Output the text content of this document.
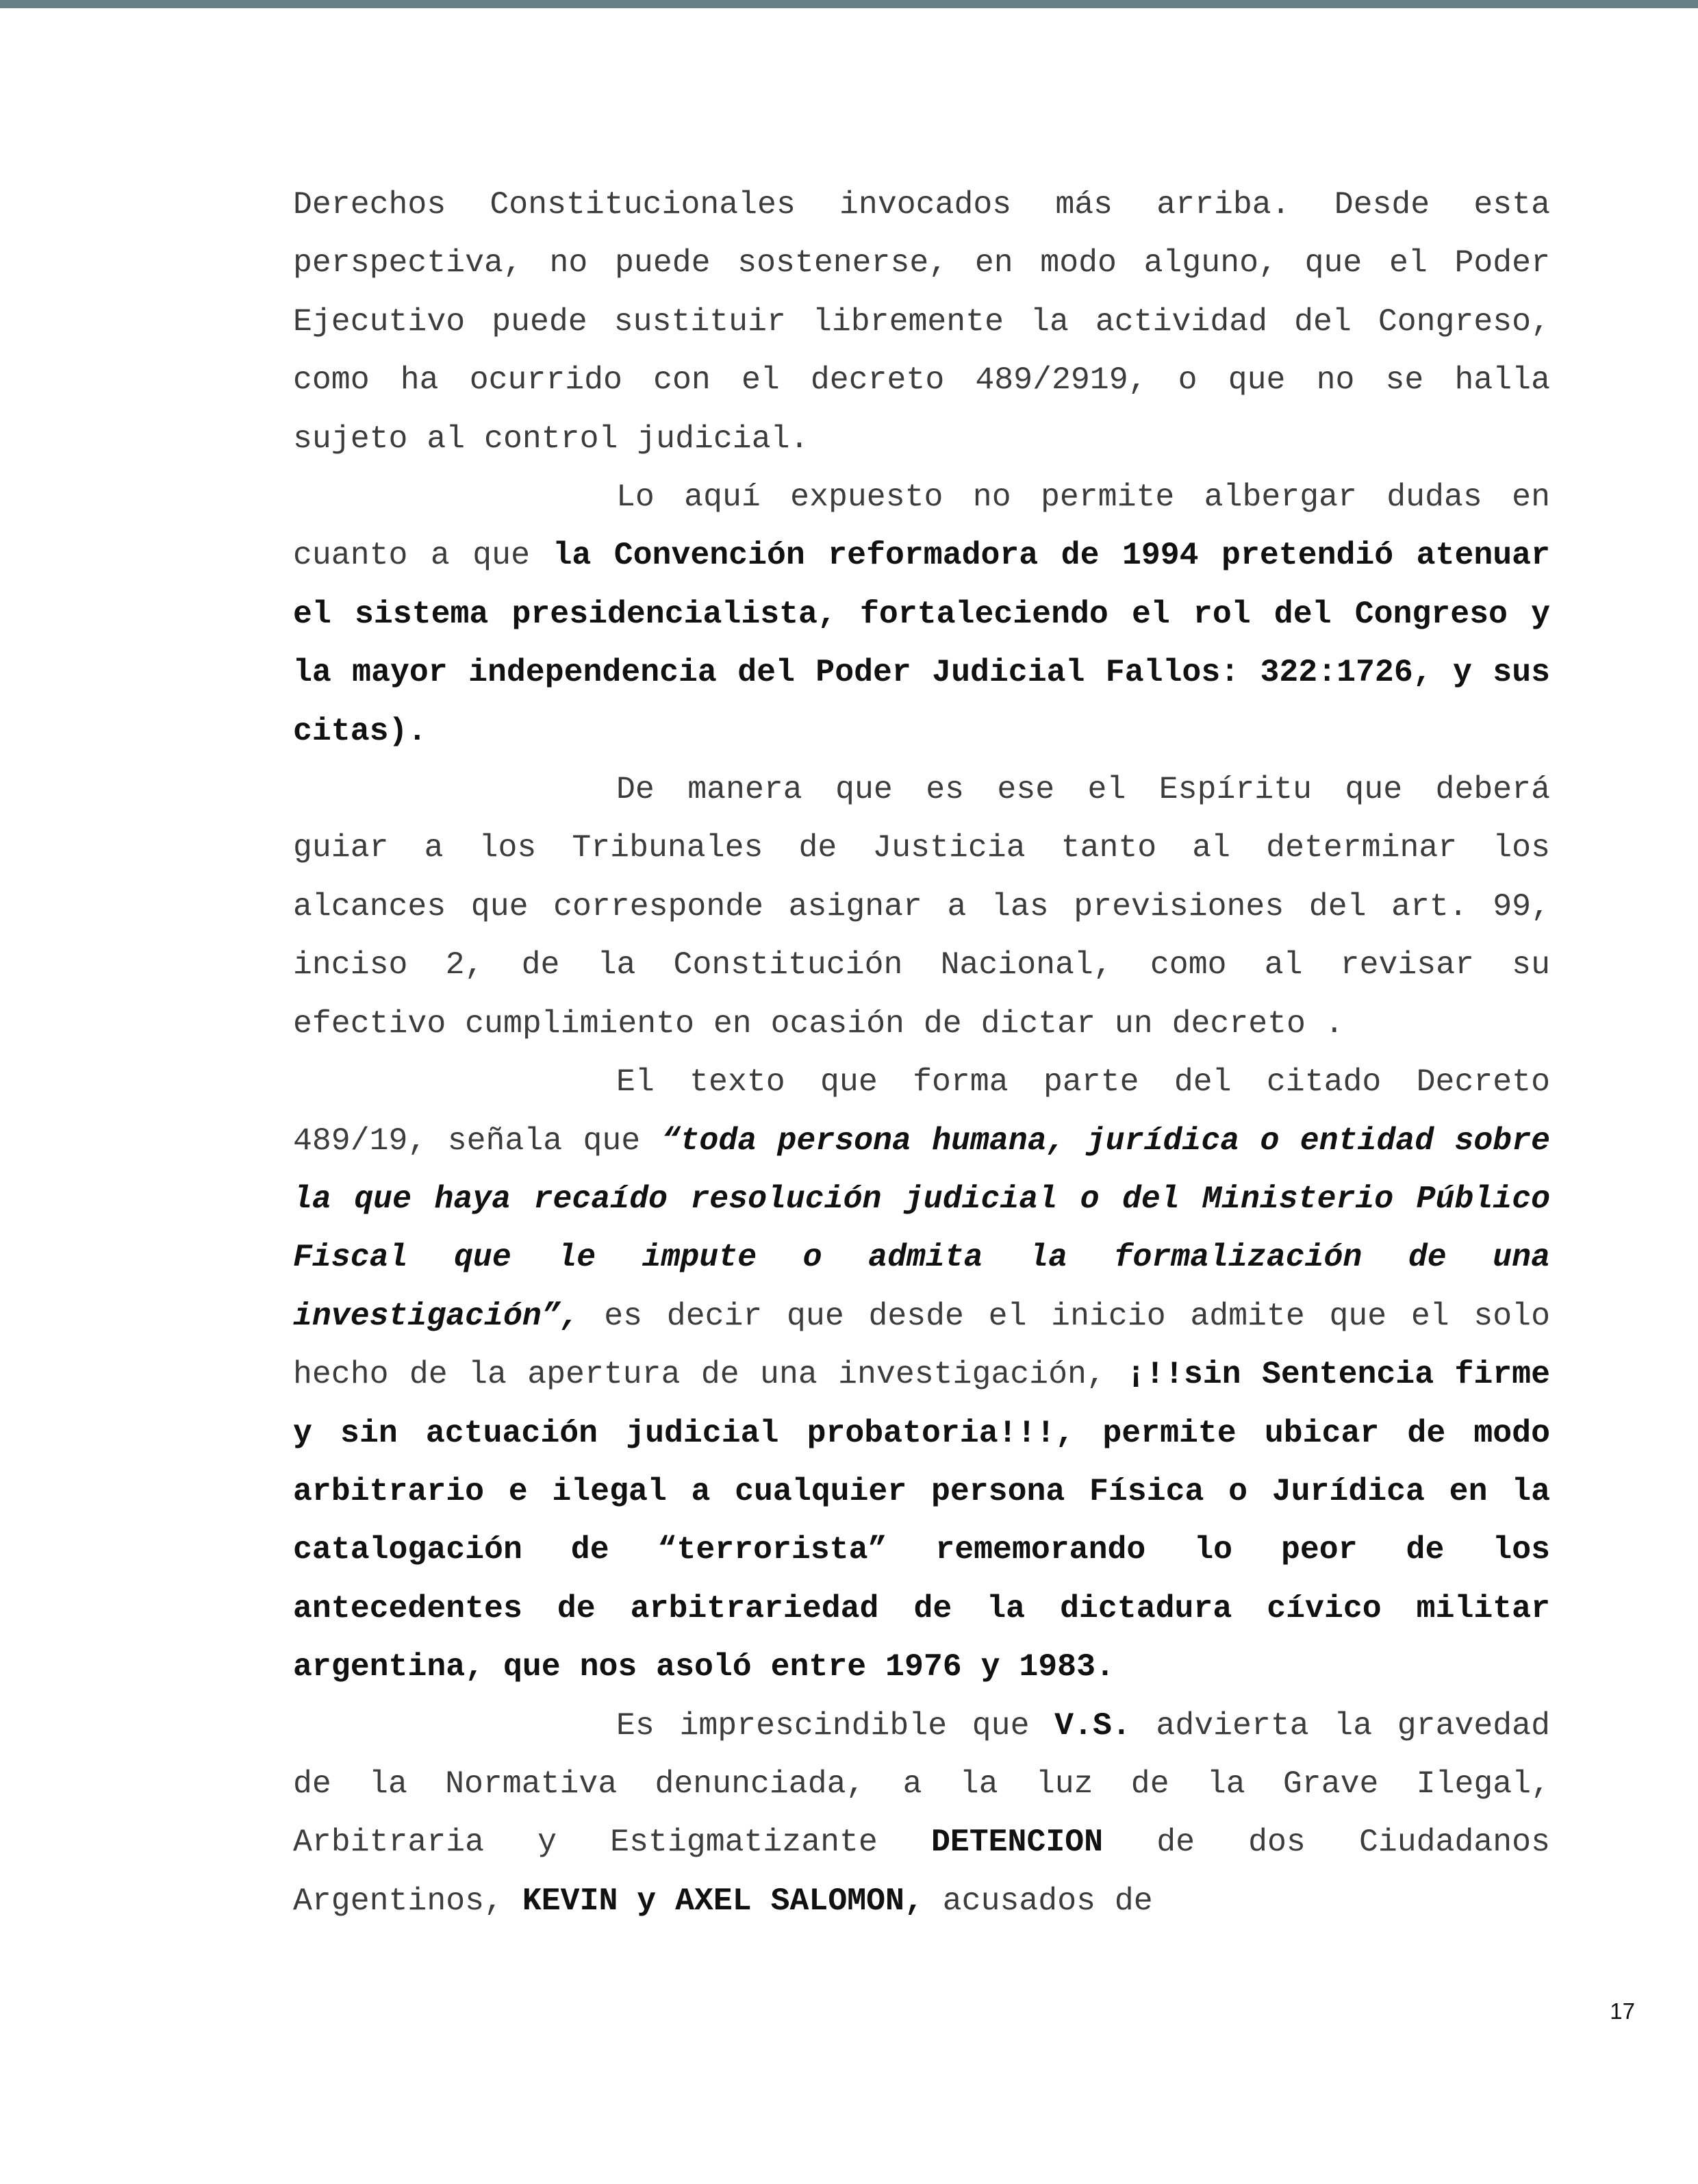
Derechos Constitucionales invocados más arriba. Desde esta perspectiva, no puede sostenerse, en modo alguno, que el Poder Ejecutivo puede sustituir libremente la actividad del Congreso, como ha ocurrido con el decreto 489/2919, o que no se halla sujeto al control judicial.

Lo aquí expuesto no permite albergar dudas en cuanto a que la Convención reformadora de 1994 pretendió atenuar el sistema presidencialista, fortaleciendo el rol del Congreso y la mayor independencia del Poder Judicial Fallos: 322:1726, y sus citas).

De manera que es ese el Espíritu que deberá guiar a los Tribunales de Justicia tanto al determinar los alcances que corresponde asignar a las previsiones del art. 99, inciso 2, de la Constitución Nacional, como al revisar su efectivo cumplimiento en ocasión de dictar un decreto .

El texto que forma parte del citado Decreto 489/19, señala que “toda persona humana, jurídica o entidad sobre la que haya recaído resolución judicial o del Ministerio Público Fiscal que le impute o admita la formalización de una investigación”, es decir que desde el inicio admite que el solo hecho de la apertura de una investigación, ¡!!sin Sentencia firme y sin actuación judicial probatoria!!!, permite ubicar de modo arbitrario e ilegal a cualquier persona Física o Jurídica en la catalogación de “terrorista” rememorando lo peor de los antecedentes de arbitrariedad de la dictadura cívico militar argentina, que nos asoló entre 1976 y 1983.

Es imprescindible que V.S. advierta la gravedad de la Normativa denunciada, a la luz de la Grave Ilegal, Arbitraria y Estigmatizante DETENCION de dos Ciudadanos Argentinos, KEVIN y AXEL SALOMON, acusados de

17
